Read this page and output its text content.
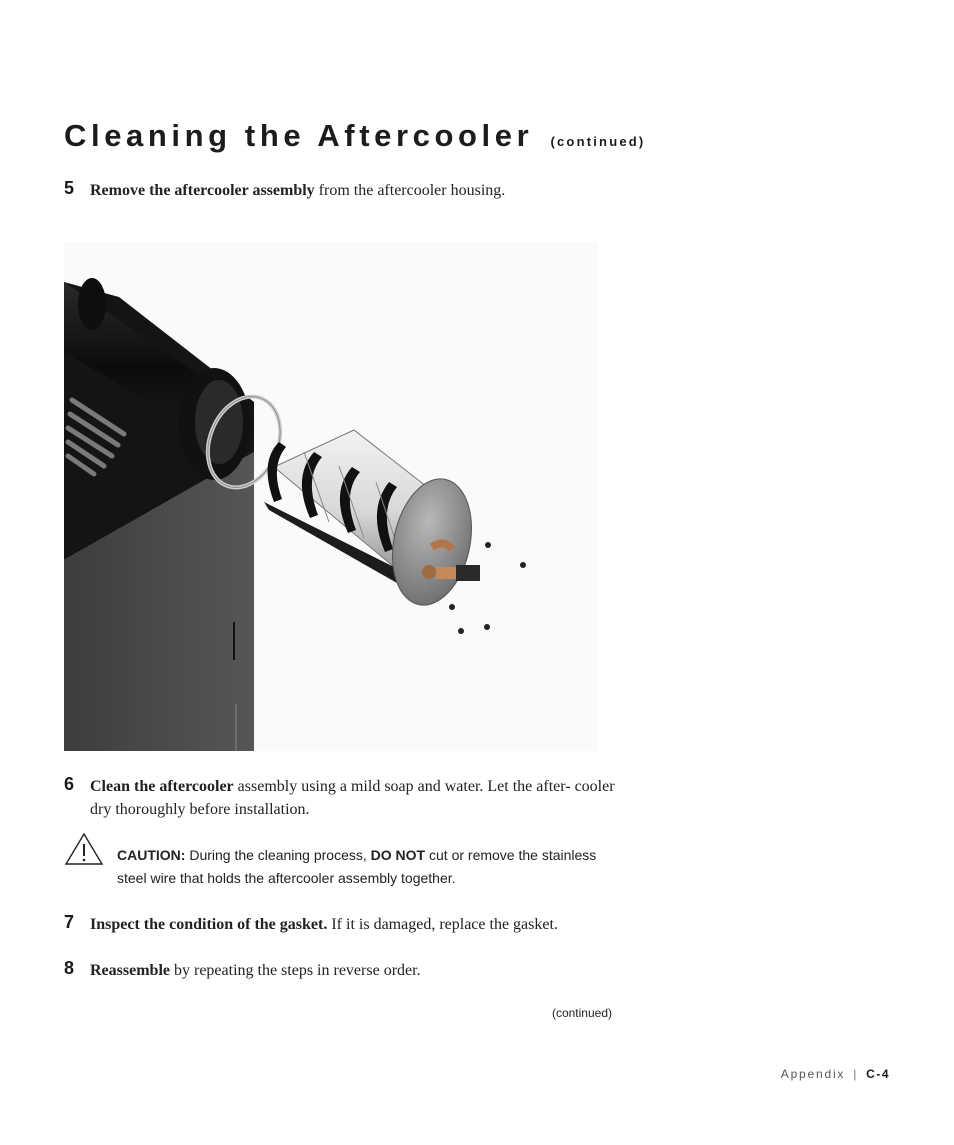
Cleaning the Aftercooler (continued)
5 Remove the aftercooler assembly from the aftercooler housing.
6 Clean the aftercooler assembly using a mild soap and water. Let the after- cooler dry thoroughly before installation.
CAUTION: During the cleaning process, DO NOT cut or remove the stainless steel wire that holds the aftercooler assembly together.
7 Inspect the condition of the gasket. If it is damaged, replace the gasket.
8 Reassemble by repeating the steps in reverse order.
(continued)
Appendix | C-4
